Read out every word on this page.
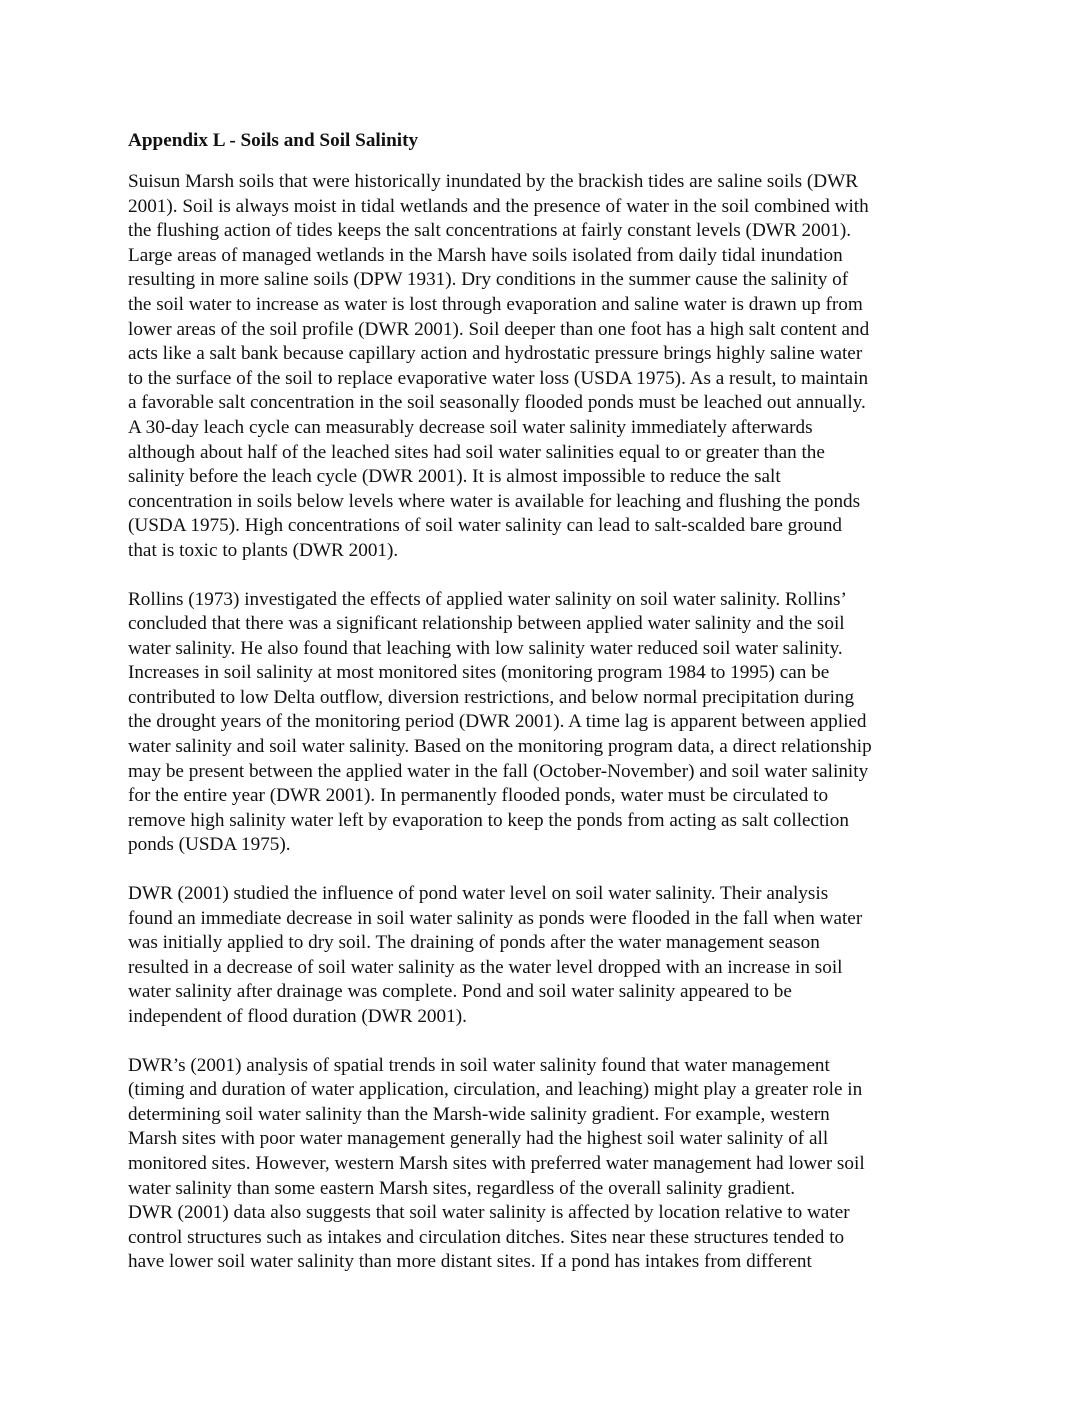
Appendix L - Soils and Soil Salinity
Suisun Marsh soils that were historically inundated by the brackish tides are saline soils (DWR
2001). Soil is always moist in tidal wetlands and the presence of water in the soil combined with
the flushing action of tides keeps the salt concentrations at fairly constant levels (DWR 2001).
Large areas of managed wetlands in the Marsh have soils isolated from daily tidal inundation
resulting in more saline soils (DPW 1931). Dry conditions in the summer cause the salinity of
the soil water to increase as water is lost through evaporation and saline water is drawn up from
lower areas of the soil profile (DWR 2001). Soil deeper than one foot has a high salt content and
acts like a salt bank because capillary action and hydrostatic pressure brings highly saline water
to the surface of the soil to replace evaporative water loss (USDA 1975). As a result, to maintain
a favorable salt concentration in the soil seasonally flooded ponds must be leached out annually.
A 30-day leach cycle can measurably decrease soil water salinity immediately afterwards
although about half of the leached sites had soil water salinities equal to or greater than the
salinity before the leach cycle (DWR 2001). It is almost impossible to reduce the salt
concentration in soils below levels where water is available for leaching and flushing the ponds
(USDA 1975). High concentrations of soil water salinity can lead to salt-scalded bare ground
that is toxic to plants (DWR 2001).
Rollins (1973) investigated the effects of applied water salinity on soil water salinity. Rollins’
concluded that there was a significant relationship between applied water salinity and the soil
water salinity. He also found that leaching with low salinity water reduced soil water salinity.
Increases in soil salinity at most monitored sites (monitoring program 1984 to 1995) can be
contributed to low Delta outflow, diversion restrictions, and below normal precipitation during
the drought years of the monitoring period (DWR 2001). A time lag is apparent between applied
water salinity and soil water salinity. Based on the monitoring program data, a direct relationship
may be present between the applied water in the fall (October-November) and soil water salinity
for the entire year (DWR 2001). In permanently flooded ponds, water must be circulated to
remove high salinity water left by evaporation to keep the ponds from acting as salt collection
ponds (USDA 1975).
DWR (2001) studied the influence of pond water level on soil water salinity. Their analysis
found an immediate decrease in soil water salinity as ponds were flooded in the fall when water
was initially applied to dry soil. The draining of ponds after the water management season
resulted in a decrease of soil water salinity as the water level dropped with an increase in soil
water salinity after drainage was complete. Pond and soil water salinity appeared to be
independent of flood duration (DWR 2001).
DWR’s (2001) analysis of spatial trends in soil water salinity found that water management
(timing and duration of water application, circulation, and leaching) might play a greater role in
determining soil water salinity than the Marsh-wide salinity gradient. For example, western
Marsh sites with poor water management generally had the highest soil water salinity of all
monitored sites. However, western Marsh sites with preferred water management had lower soil
water salinity than some eastern Marsh sites, regardless of the overall salinity gradient.
DWR (2001) data also suggests that soil water salinity is affected by location relative to water
control structures such as intakes and circulation ditches. Sites near these structures tended to
have lower soil water salinity than more distant sites. If a pond has intakes from different
